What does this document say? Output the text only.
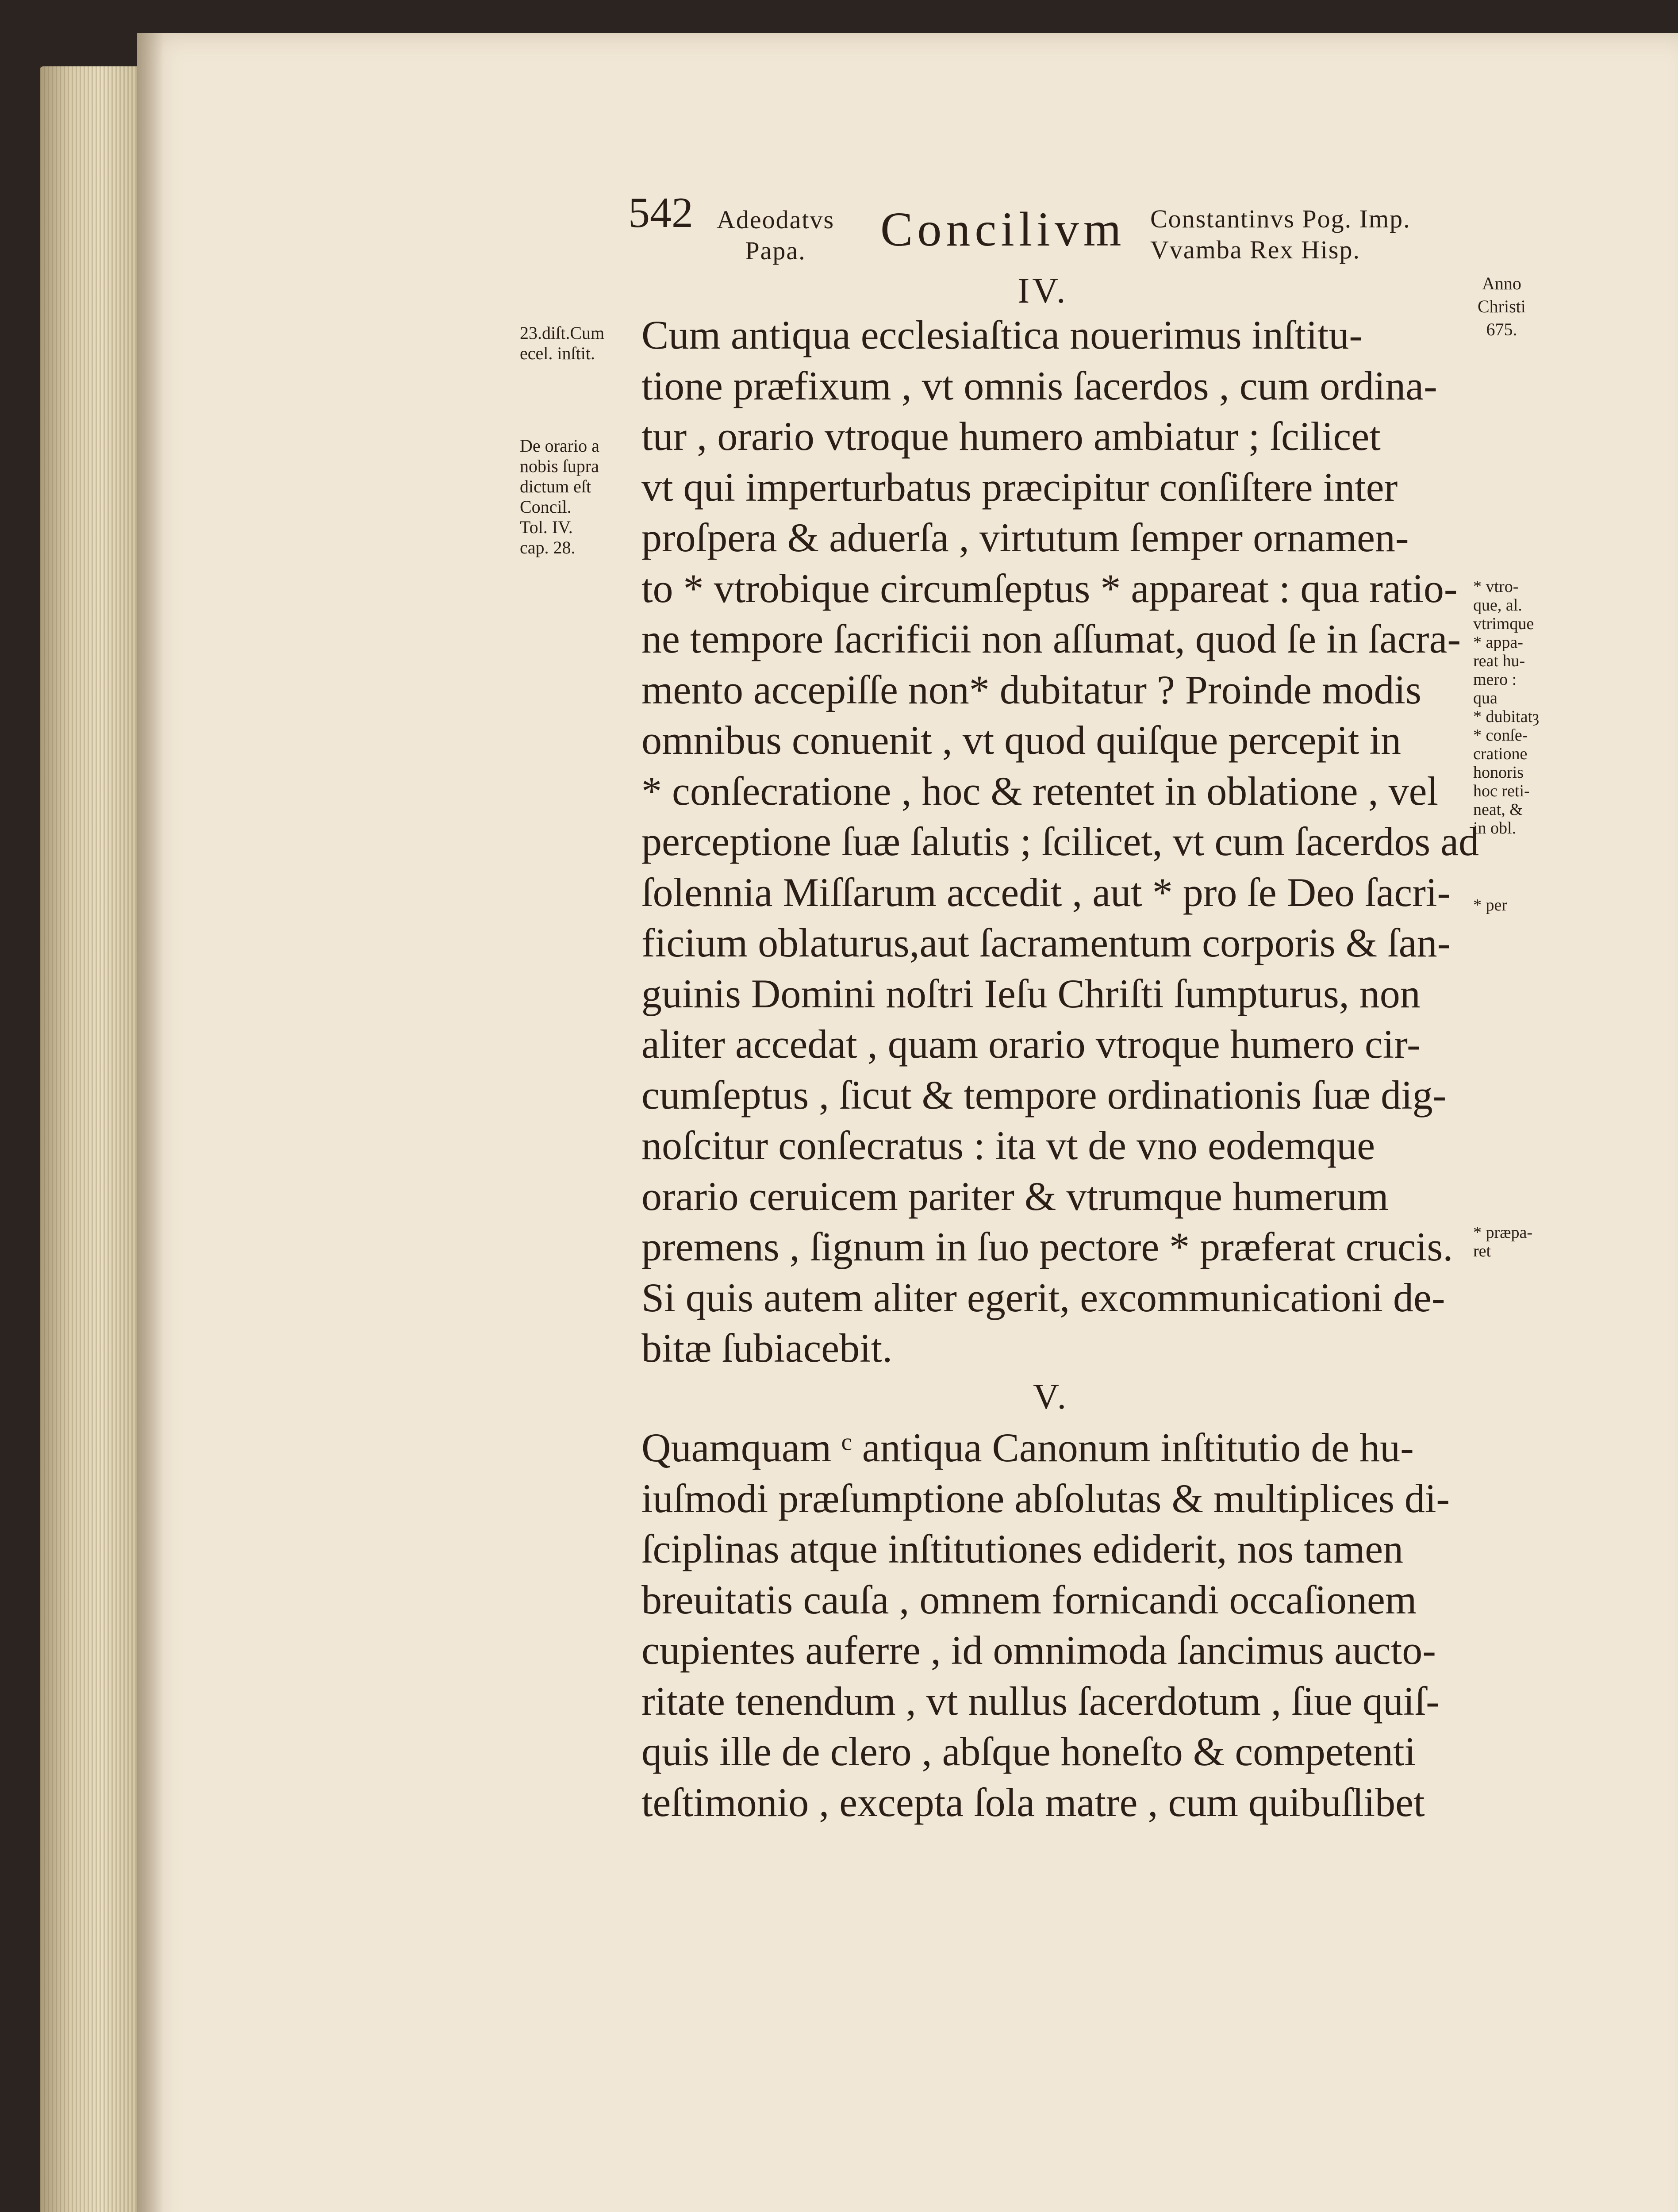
542 Adeodatvs
Papa.	Concilivm Constantinvs Pog. Imp.
Vvamba Rex Hisp.
Anno
Christi
675.
IV.
Cum antiqua ecclesiaſtica nouerimus inſtitu-
tione præfixum , vt omnis ſacerdos , cum ordina-
tur , orario vtroque humero ambiatur ; ſcilicet
vt qui imperturbatus præcipitur conſiſtere inter
proſpera & aduerſa , virtutum ſemper ornamen-
to * vtrobique circumſeptus * appareat : qua ratio-
ne tempore ſacrificii non aſſumat, quod ſe in ſacra-
mento accepiſſe non* dubitatur ? Proinde modis
omnibus conuenit , vt quod quiſque percepit in
* conſecratione , hoc & retentet in oblatione , vel
perceptione ſuæ ſalutis ; ſcilicet, vt cum ſacerdos ad
ſolennia Miſſarum accedit , aut * pro ſe Deo ſacri-
ficium oblaturus,aut ſacramentum corporis & ſan-
guinis Domini noſtri Ieſu Chriſti ſumpturus, non
aliter accedat , quam orario vtroque humero cir-
cumſeptus , ſicut & tempore ordinationis ſuæ dig-
noſcitur conſecratus : ita vt de vno eodemque
orario ceruicem pariter & vtrumque humerum
premens , ſignum in ſuo pectore * præferat crucis.
Si quis autem aliter egerit, excommunicationi de-
bitæ ſubiacebit.
V.
Quamquam ᶜ antiqua Canonum inſtitutio de hu-
iuſmodi præſumptione abſolutas & multiplices di-
ſciplinas atque inſtitutiones ediderit, nos tamen
breuitatis cauſa , omnem fornicandi occaſionem
cupientes auferre , id omnimoda ſancimus aucto-
ritate tenendum , vt nullus ſacerdotum , ſiue quiſ-
quis ille de clero , abſque honeſto & competenti
teſtimonio , excepta ſola matre , cum quibuſlibet
23.diſt.Cum
ecel. inſtit.
De orario a
nobis ſupra
dictum eſt
Concil.
Tol. IV.
cap. 28.
* vtro-
que, al.
vtrimque
* appa-
reat hu-
mero :
qua
* dubitatȝ
* conſe-
cratione
honoris
hoc reti-
neat, &
in obl.
* per
* præpa-
ret
